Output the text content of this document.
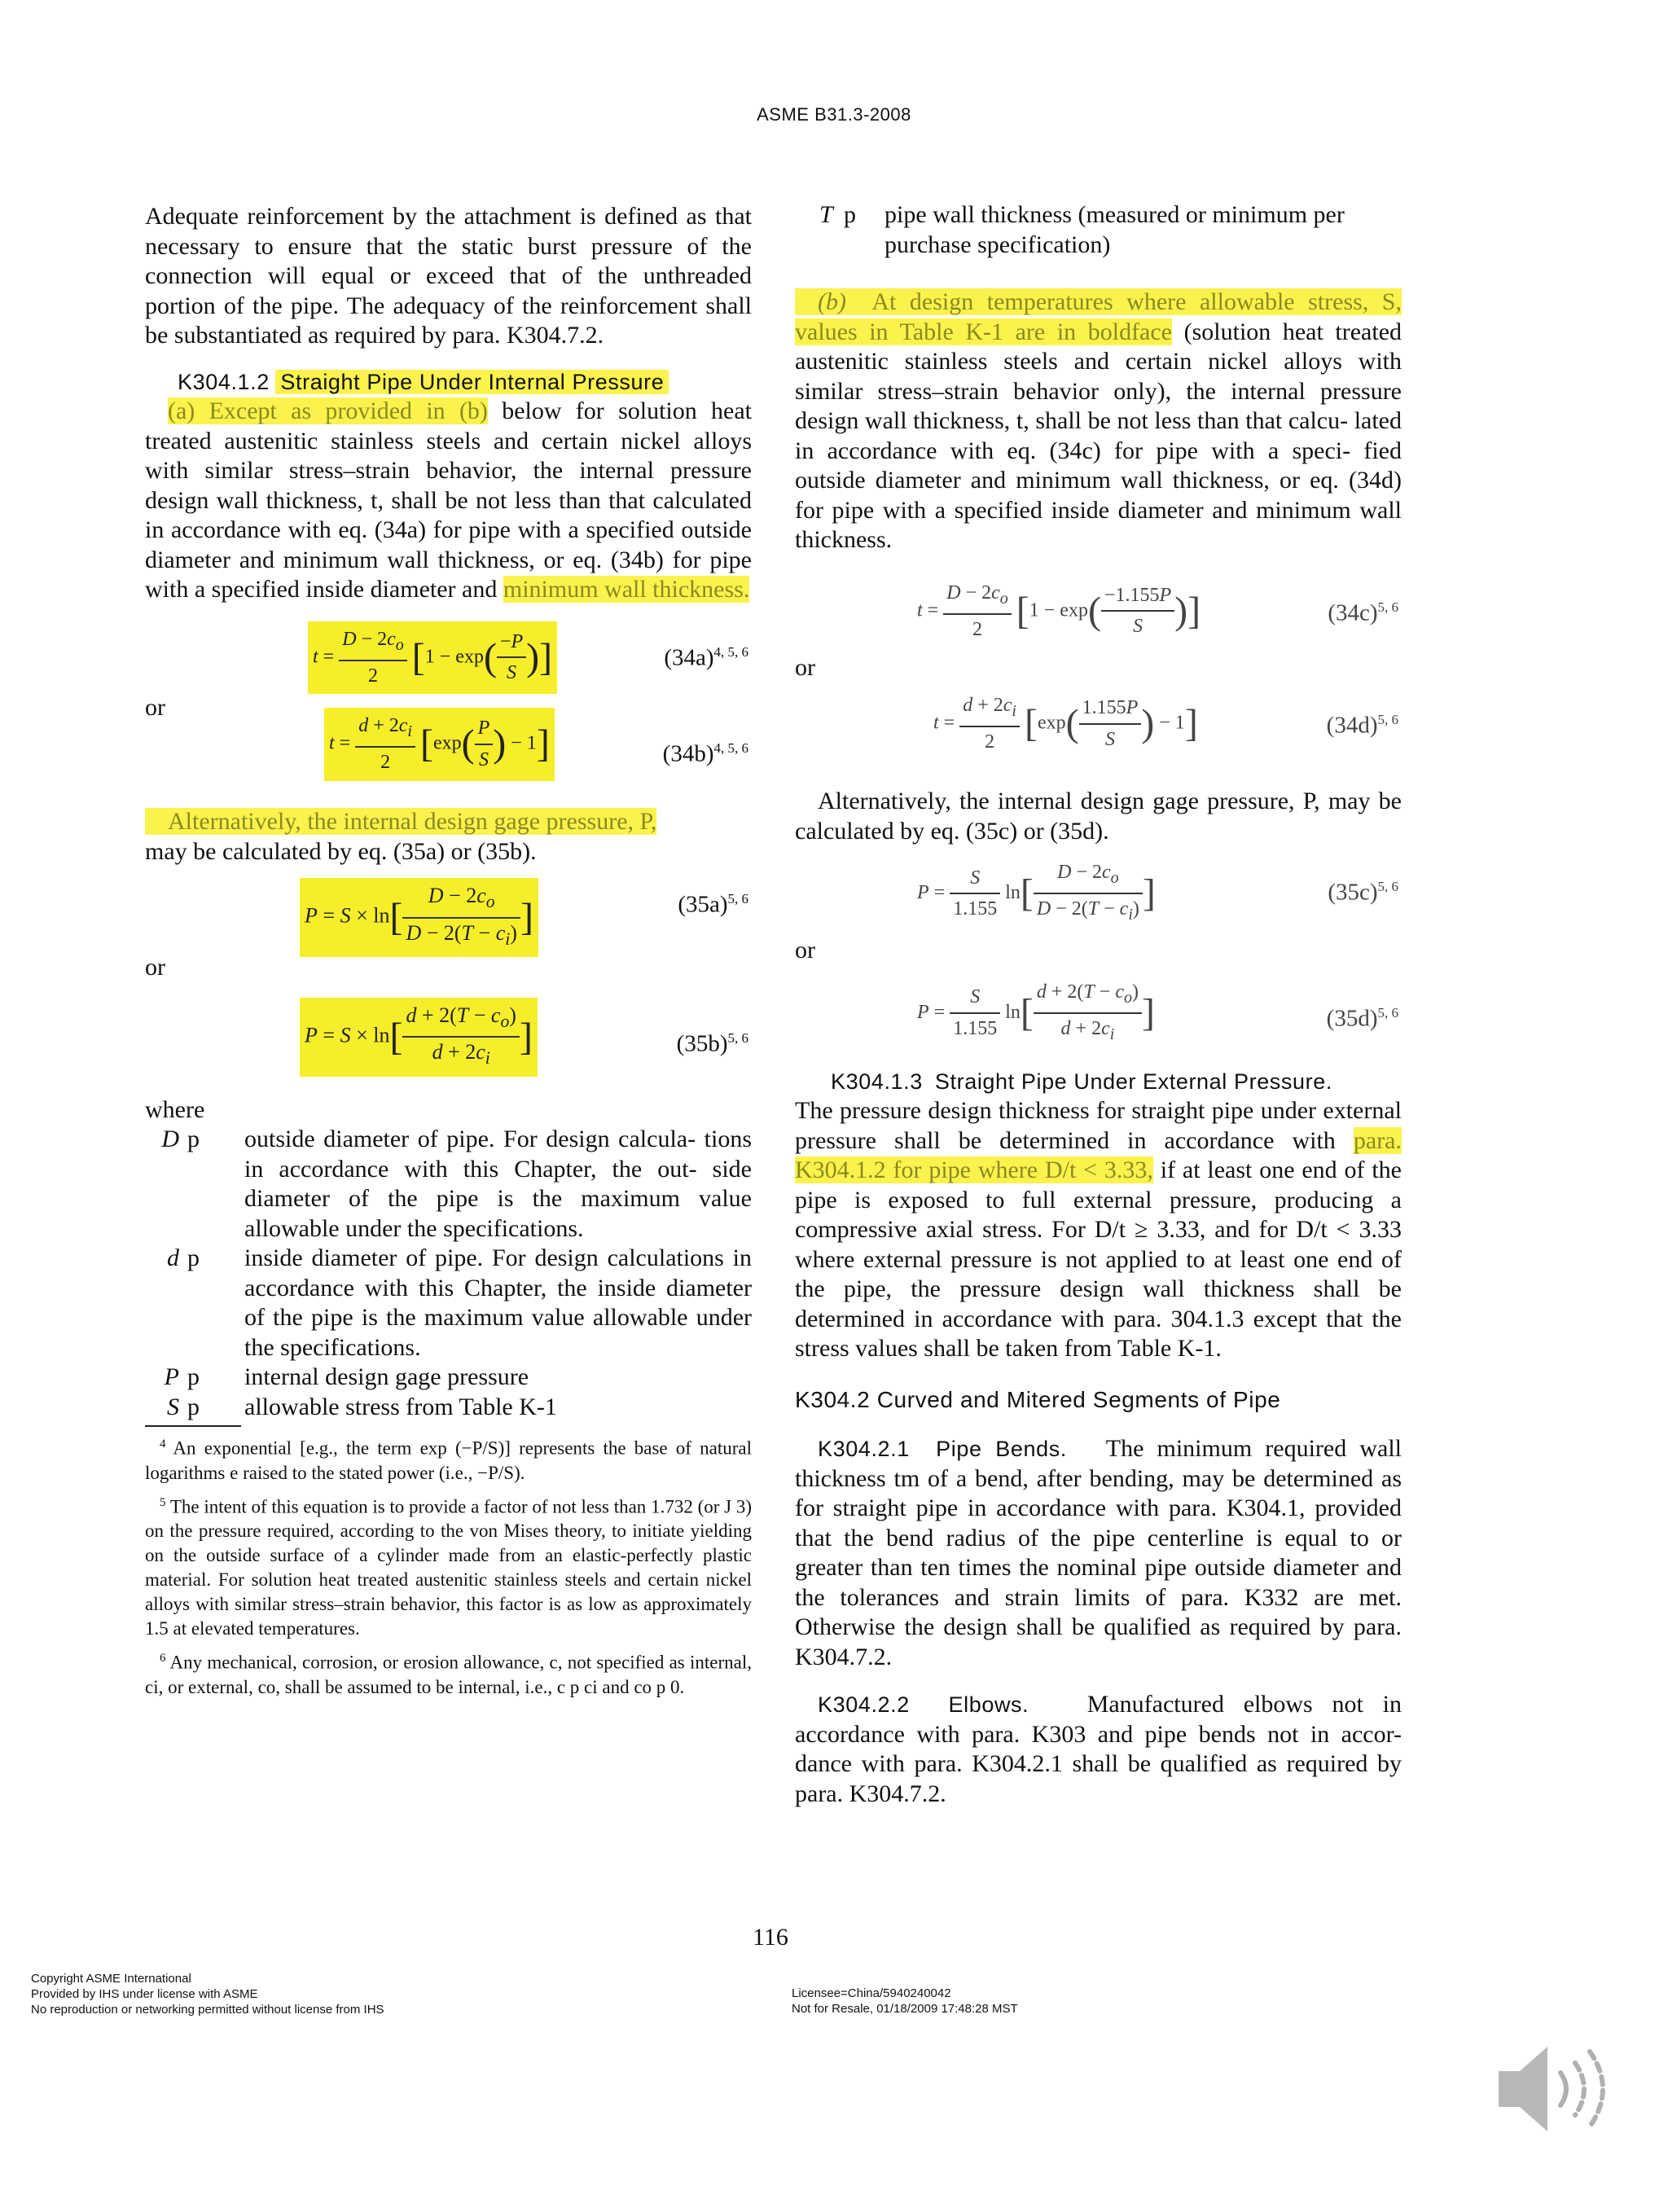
ASME B31.3-2008

Adequate reinforcement by the attachment is defined as that necessary to ensure that the static burst pressure of the connection will equal or exceed that of the unthreaded portion of the pipe. The adequacy of the reinforcement shall be substantiated as required by para. K304.7.2.

K304.1.2 Straight Pipe Under Internal Pressure

(a) Except as provided in (b) below for solution heat treated austenitic stainless steels and certain nickel alloys with similar stress–strain behavior, the internal pressure design wall thickness, t, shall be not less than that calculated in accordance with eq. (34a) for pipe with a specified outside diameter and minimum wall thickness, or eq. (34b) for pipe with a specified inside diameter and minimum wall thickness.

$t = \frac{D - 2c_o}{2} [1 - \exp( \frac{-P}{S}$ )]	$(34a)^{4, 5, 6}$

or

$t = \frac{d + 2c_i}{2} [\exp( \frac{P}{S}$ ) − 1]	$(34b)^{4, 5, 6}$

Alternatively, the internal design gage pressure, P,
may be calculated by eq. (35a) or (35b).

$P = S \times \ln[ \frac{D - 2c_o}{D - 2(T - c_i)}$ ]	$(35a)^{5, 6}$

or

$P = S \times \ln[ \frac{d + 2(T - c_o)}{d + 2c_i}$ ]	$(35b)^{5, 6}$

where

D p	outside diameter of pipe. For design calcula- tions in accordance with this Chapter, the out- side diameter of the pipe is the maximum value allowable under the specifications.
d p	inside diameter of pipe. For design calculations in accordance with this Chapter, the inside diameter of the pipe is the maximum value allowable under the specifications.
P p	internal design gage pressure
S p	allowable stress from Table K-1

$^4$ An exponential [e.g., the term exp (−P/S)] represents the base of natural logarithms e raised to the stated power (i.e., −P/S).

$^5$ The intent of this equation is to provide a factor of not less than 1.732 (or J 3) on the pressure required, according to the von Mises theory, to initiate yielding on the outside surface of a cylinder made from an elastic-perfectly plastic material. For solution heat treated austenitic stainless steels and certain nickel alloys with similar stress–strain behavior, this factor is as low as approximately 1.5 at elevated temperatures.

$^6$ Any mechanical, corrosion, or erosion allowance, c, not specified as internal, ci, or external, co, shall be assumed to be internal, i.e., c p ci and co p 0.

T p	pipe wall thickness (measured or minimum per purchase specification)

(b) At design temperatures where allowable stress, S, values in Table K-1 are in boldface (solution heat treated austenitic stainless steels and certain nickel alloys with similar stress–strain behavior only), the internal pressure design wall thickness, t, shall be not less than that calcu- lated in accordance with eq. (34c) for pipe with a speci- fied outside diameter and minimum wall thickness, or eq. (34d) for pipe with a specified inside diameter and minimum wall thickness.

$t = \frac{D - 2c_o}{2} [1 - \exp( \frac{-1.155P}{S}$ )]	$(34c)^{5, 6}$

or

$t = \frac{d + 2c_i}{2} [\exp( \frac{1.155P}{S}$ ) − 1]	$(34d)^{5, 6}$

Alternatively, the internal design gage pressure, P, may be calculated by eq. (35c) or (35d).

$P = \frac{S}{1.155} \ln[ \frac{D - 2c_o}{D - 2(T - c_i)}$ ]	$(35c)^{5, 6}$

or

$P = \frac{S}{1.155} \ln[ \frac{d + 2(T - c_o)}{d + 2c_i}$ ]	$(35d)^{5, 6}$

K304.1.3 Straight Pipe Under External Pressure.

The pressure design thickness for straight pipe under external pressure shall be determined in accordance with para. K304.1.2 for pipe where D/t < 3.33, if at least one end of the pipe is exposed to full external pressure, producing a compressive axial stress. For D/t ≥ 3.33, and for D/t < 3.33 where external pressure is not applied to at least one end of the pipe, the pressure design wall thickness shall be determined in accordance with para. 304.1.3 except that the stress values shall be taken from Table K-1.

K304.2 Curved and Mitered Segments of Pipe

K304.2.1 Pipe Bends. The minimum required wall thickness tm of a bend, after bending, may be determined as for straight pipe in accordance with para. K304.1, provided that the bend radius of the pipe centerline is equal to or greater than ten times the nominal pipe outside diameter and the tolerances and strain limits of para. K332 are met. Otherwise the design shall be qualified as required by para. K304.7.2.

K304.2.2 Elbows. Manufactured elbows not in accordance with para. K303 and pipe bends not in accor- dance with para. K304.2.1 shall be qualified as required by para. K304.7.2.

116
Copyright ASME International
Provided by IHS under license with ASME
No reproduction or networking permitted without license from IHS
Licensee=China/5940240042
Not for Resale, 01/18/2009 17:48:28 MST
